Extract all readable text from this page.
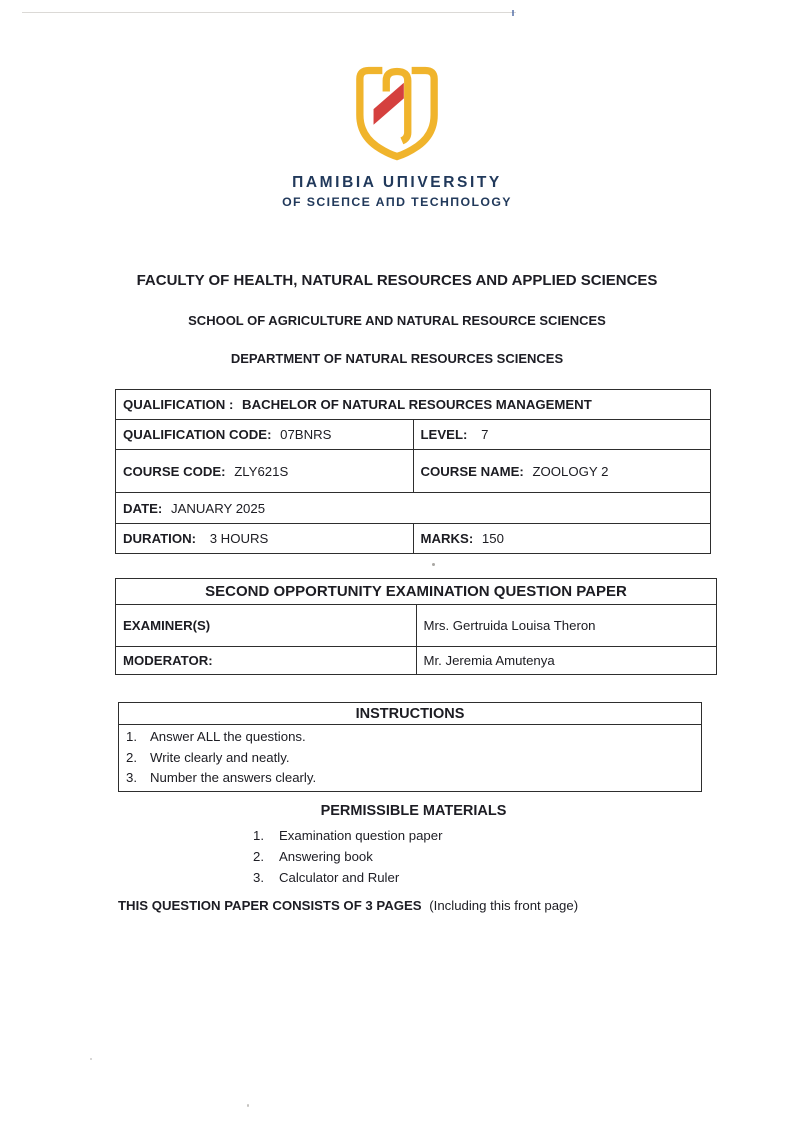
ПAMIBIA UПIVERSITY
OF SCIEПCE AПD TECHПOLOGY
FACULTY OF HEALTH, NATURAL RESOURCES AND APPLIED SCIENCES
SCHOOL OF AGRICULTURE AND NATURAL RESOURCE SCIENCES
DEPARTMENT OF NATURAL RESOURCES SCIENCES
QUALIFICATION : BACHELOR OF NATURAL RESOURCES MANAGEMENT	
QUALIFICATION CODE: 07BNRS	LEVEL: 7
COURSE CODE: ZLY621S	COURSE NAME: ZOOLOGY 2
DATE: JANUARY 2025	
DURATION: 3 HOURS	MARKS: 150
SECOND OPPORTUNITY EXAMINATION QUESTION PAPER	
EXAMINER(S)	Mrs. Gertruida Louisa Theron
MODERATOR:	Mr. Jeremia Amutenya
INSTRUCTIONS

1. Answer ALL the questions.
2. Write clearly and neatly.
3. Number the answers clearly.
PERMISSIBLE MATERIALS
1.	Examination question paper
2.	Answering book
3.	Calculator and Ruler
THIS QUESTION PAPER CONSISTS OF 3 PAGES (Including this front page)
